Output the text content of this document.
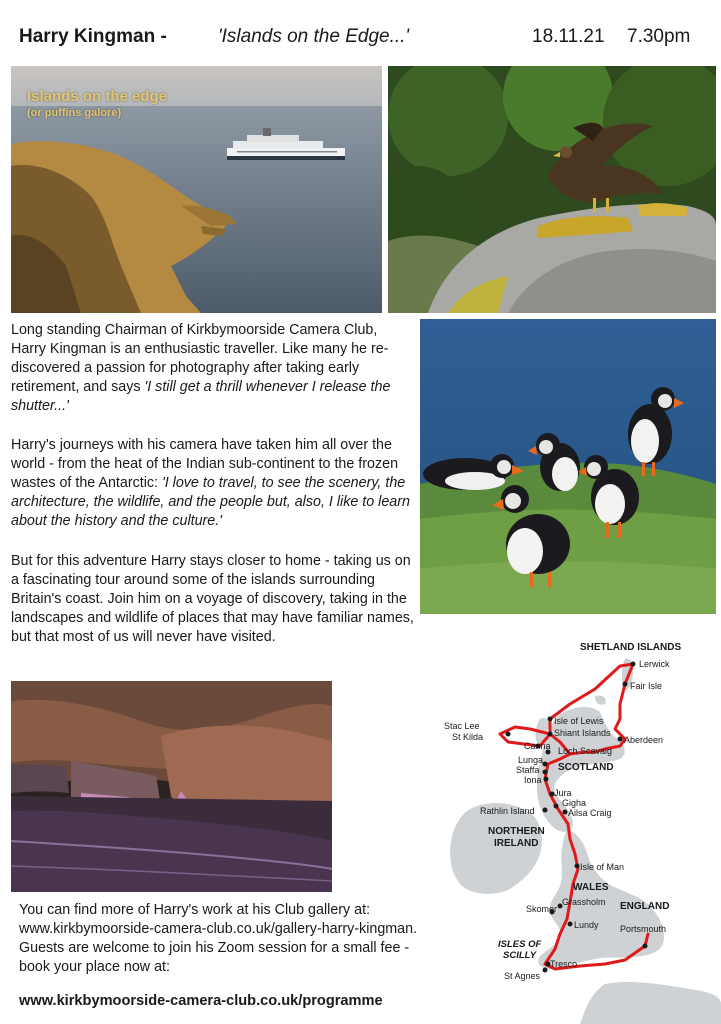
Harry Kingman -	'Islands on the Edge...'	18.11.21 7.30pm
Islands on the edge
(or puffins galore)

Long standing Chairman of Kirkbymoorside Camera Club, Harry Kingman is an enthusiastic traveller. Like many he re-discovered a passion for photography after taking early retirement, and says 'I still get a thrill whenever I release the shutter...'

Harry's journeys with his camera have taken him all over the world - from the heat of the Indian sub-continent to the frozen wastes of the Antarctic: 'I love to travel, to see the scenery, the architecture, the wildlife, and the people but, also, I like to learn about the history and the culture.'

But for this adventure Harry stays closer to home - taking us on a fascinating tour around some of the islands surrounding Britain's coast. Join him on a voyage of discovery, taking in the landscapes and wildlife of places that may have familiar names, but that most of us will never have visited.

You can find more of Harry's work at his Club gallery at:
www.kirkbymoorside-camera-club.co.uk/gallery-harry-kingman.
Guests are welcome to join his Zoom session for a small fee -
book your place now at:

www.kirkbymoorside-camera-club.co.uk/programme
SHETLAND ISLANDS
SCOTLAND
NORTHERN
IRELAND
WALES
ENGLAND
ISLES OF
SCILLY
Lerwick
Fair Isle
Stac Lee
St Kilda
Isle of Lewis
Shiant Islands
Aberdeen
Canna Loch Scavaig
Lunga
Staffa
Iona
Jura
Gigha
Rathlin Island	Ailsa Craig
Isle of Man
Skomer
Grassholm
Lundy Portsmouth
Tresco
St Agnes
